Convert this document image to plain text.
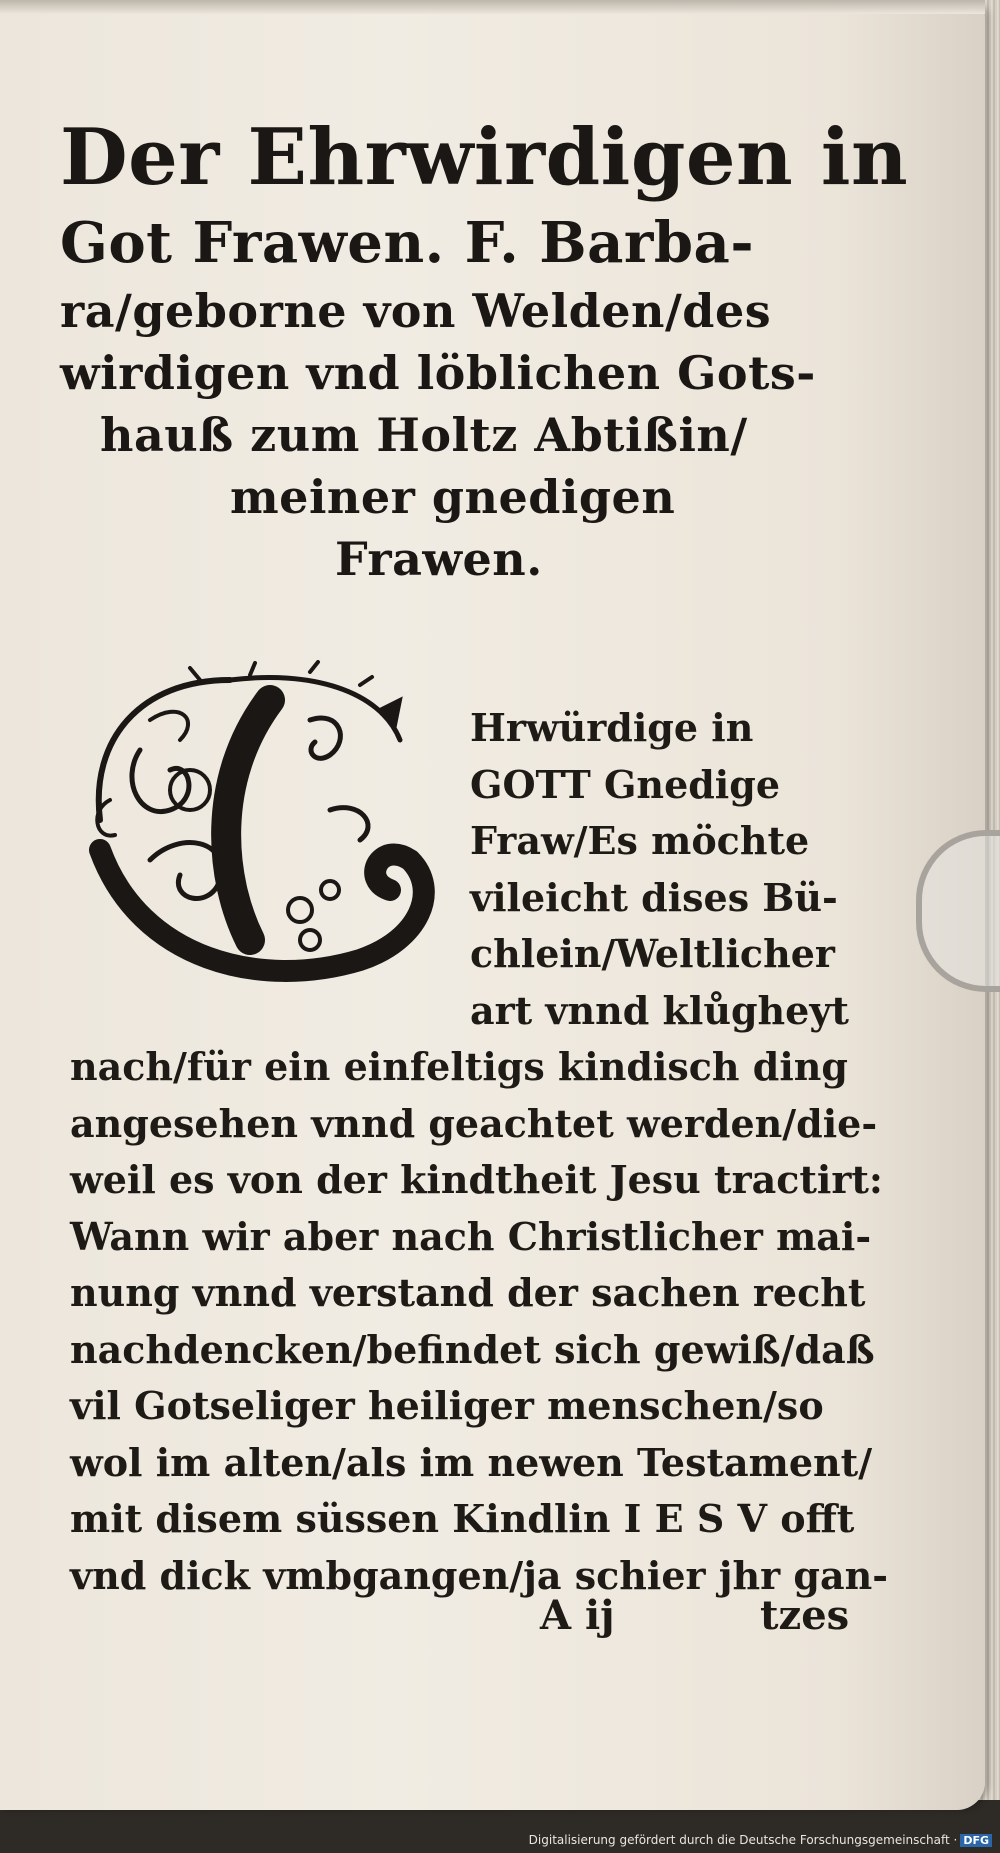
Der Ehrwirdigen in
Got Frawen. F. Barba-
ra/geborne von Welden/des
wirdigen vnd löblichen Gots-
hauß zum Holtz Abtißin/
meiner gnedigen
Frawen.
Hrwürdige in
GOTT Gnedige
Fraw/Es möchte
vileicht dises Bü-
chlein/Weltlicher
art vnnd klůgheyt
nach/für ein einfeltigs kindisch ding
angesehen vnnd geachtet werden/die-
weil es von der kindtheit Jesu tractirt:
Wann wir aber nach Christlicher mai-
nung vnnd verstand der sachen recht
nachdencken/befindet sich gewiß/daß
vil Gotseliger heiliger menschen/so
wol im alten/als im newen Testament/
mit disem süssen Kindlin I E S V offt
vnd dick vmbgangen/ja schier jhr gan-
A ij	tzes
Digitalisierung gefördert durch die Deutsche Forschungsgemeinschaft · DFG
